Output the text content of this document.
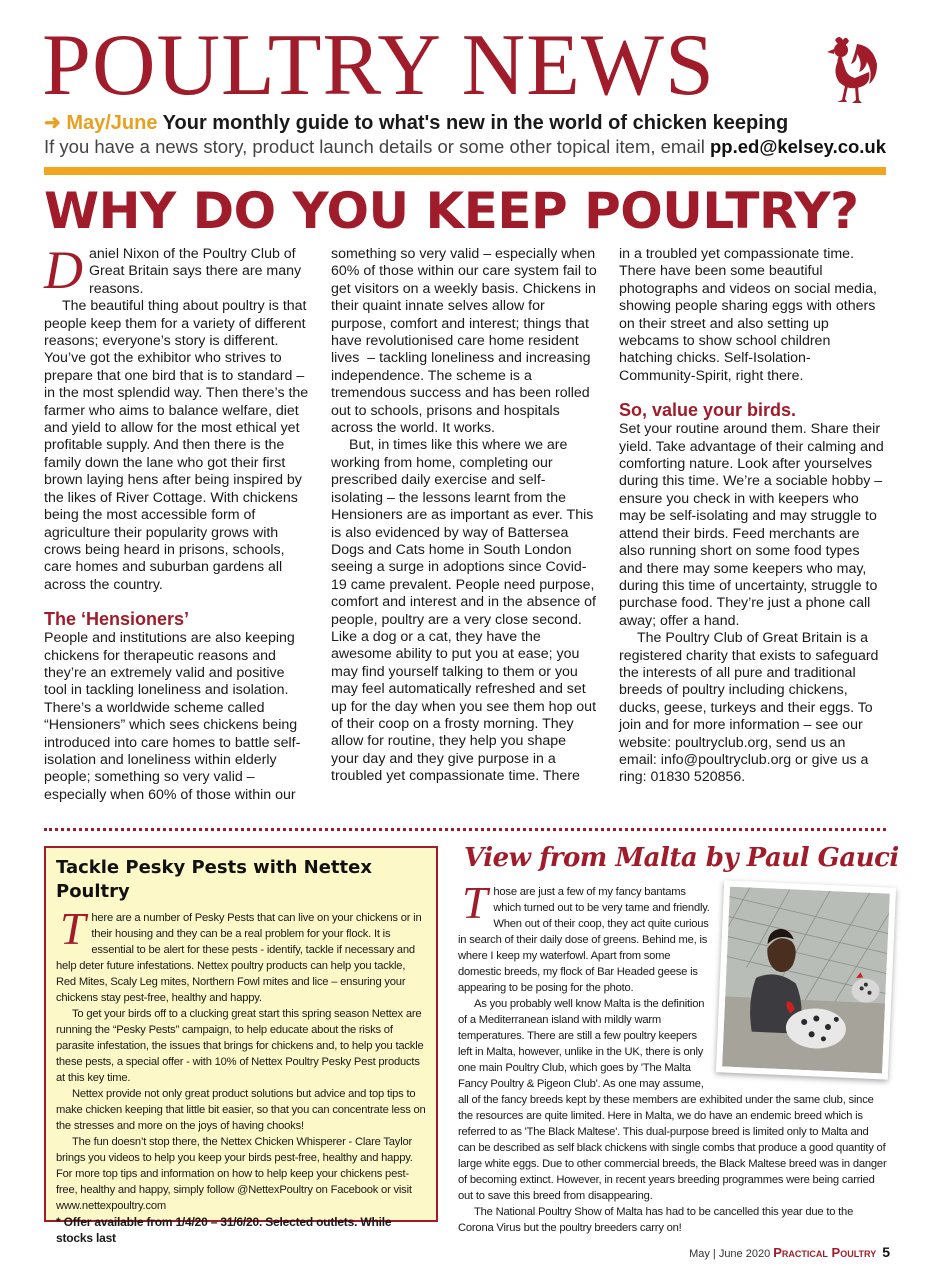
POULTRY NEWS
➜ May/June Your monthly guide to what's new in the world of chicken keeping
If you have a news story, product launch details or some other topical item, email pp.ed@kelsey.co.uk
WHY DO YOU KEEP POULTRY?

Daniel Nixon of the Poultry Club of Great Britain says there are many reasons.

The beautiful thing about poultry is that people keep them for a variety of different reasons; everyone’s story is different. You’ve got the exhibitor who strives to prepare that one bird that is to standard – in the most splendid way. Then there’s the farmer who aims to balance welfare, diet and yield to allow for the most ethical yet profitable supply. And then there is the family down the lane who got their first brown laying hens after being inspired by the likes of River Cottage. With chickens being the most accessible form of agriculture their popularity grows with crows being heard in prisons, schools, care homes and suburban gardens all across the country.

The ‘Hensioners’

People and institutions are also keeping chickens for therapeutic reasons and they’re an extremely valid and positive tool in tackling loneliness and isolation. There’s a worldwide scheme called “Hensioners” which sees chickens being introduced into care homes to battle self-isolation and loneliness within elderly people; something so very valid – especially when 60% of those within our

something so very valid – especially when 60% of those within our care system fail to get visitors on a weekly basis. Chickens in their quaint innate selves allow for purpose, comfort and interest; things that have revolutionised care home resident lives  – tackling loneliness and increasing independence. The scheme is a tremendous success and has been rolled out to schools, prisons and hospitals across the world. It works.

But, in times like this where we are working from home, completing our prescribed daily exercise and self-isolating – the lessons learnt from the Hensioners are as important as ever. This is also evidenced by way of Battersea Dogs and Cats home in South London seeing a surge in adoptions since Covid-19 came prevalent. People need purpose, comfort and interest and in the absence of people, poultry are a very close second. Like a dog or a cat, they have the awesome ability to put you at ease; you may find yourself talking to them or you may feel automatically refreshed and set up for the day when you see them hop out of their coop on a frosty morning. They allow for routine, they help you shape your day and they give purpose in a troubled yet compassionate time. There

in a troubled yet compassionate time. There have been some beautiful photographs and videos on social media, showing people sharing eggs with others on their street and also setting up webcams to show school children hatching chicks. Self-Isolation-Community-Spirit, right there.

So, value your birds.

Set your routine around them. Share their yield. Take advantage of their calming and comforting nature. Look after yourselves during this time. We’re a sociable hobby – ensure you check in with keepers who may be self-isolating and may struggle to attend their birds. Feed merchants are also running short on some food types and there may some keepers who may, during this time of uncertainty, struggle to purchase food. They’re just a phone call away; offer a hand.

The Poultry Club of Great Britain is a registered charity that exists to safeguard the interests of all pure and traditional breeds of poultry including chickens, ducks, geese, turkeys and their eggs. To join and for more information – see our website: poultryclub.org, send us an email: info@poultryclub.org or give us a ring: 01830 520856.

Tackle Pesky Pests with Nettex Poultry

There are a number of Pesky Pests that can live on your chickens or in their housing and they can be a real problem for your flock. It is essential to be alert for these pests - identify, tackle if necessary and help deter future infestations. Nettex poultry products can help you tackle, Red Mites, Scaly Leg mites, Northern Fowl mites and lice – ensuring your chickens stay pest-free, healthy and happy.

To get your birds off to a clucking great start this spring season Nettex are running the “Pesky Pests” campaign, to help educate about the risks of parasite infestation, the issues that brings for chickens and, to help you tackle these pests, a special offer - with 10% of Nettex Poultry Pesky Pest products at this key time.

Nettex provide not only great product solutions but advice and top tips to make chicken keeping that little bit easier, so that you can concentrate less on the stresses and more on the joys of having chooks!

The fun doesn’t stop there, the Nettex Chicken Whisperer - Clare Taylor brings you videos to help you keep your birds pest-free, healthy and happy. For more top tips and information on how to help keep your chickens pest-free, healthy and happy, simply follow @NettexPoultry on Facebook or visit www.nettexpoultry.com

* Offer available from 1/4/20 – 31/6/20. Selected outlets. While stocks last

View from Malta by Paul Gauci

Those are just a few of my fancy bantams which turned out to be very tame and friendly. When out of their coop, they act quite curious in search of their daily dose of greens. Behind me, is where I keep my waterfowl. Apart from some domestic breeds, my flock of Bar Headed geese is appearing to be posing for the photo.

As you probably well know Malta is the definition of a Mediterranean island with mildly warm temperatures. There are still a few poultry keepers left in Malta, however, unlike in the UK, there is only one main Poultry Club, which goes by 'The Malta Fancy Poultry & Pigeon Club'. As one may assume, all of the fancy breeds kept by these members are exhibited under the same club, since the resources are quite limited. Here in Malta, we do have an endemic breed which is referred to as 'The Black Maltese'. This dual-purpose breed is limited only to Malta and can be described as self black chickens with single combs that produce a good quantity of large white eggs. Due to other commercial breeds, the Black Maltese breed was in danger of becoming extinct. However, in recent years breeding programmes were being carried out to save this breed from disappearing.

The National Poultry Show of Malta has had to be cancelled this year due to the Corona Virus but the poultry breeders carry on!

May | June 2020 Practical Poultry 5
